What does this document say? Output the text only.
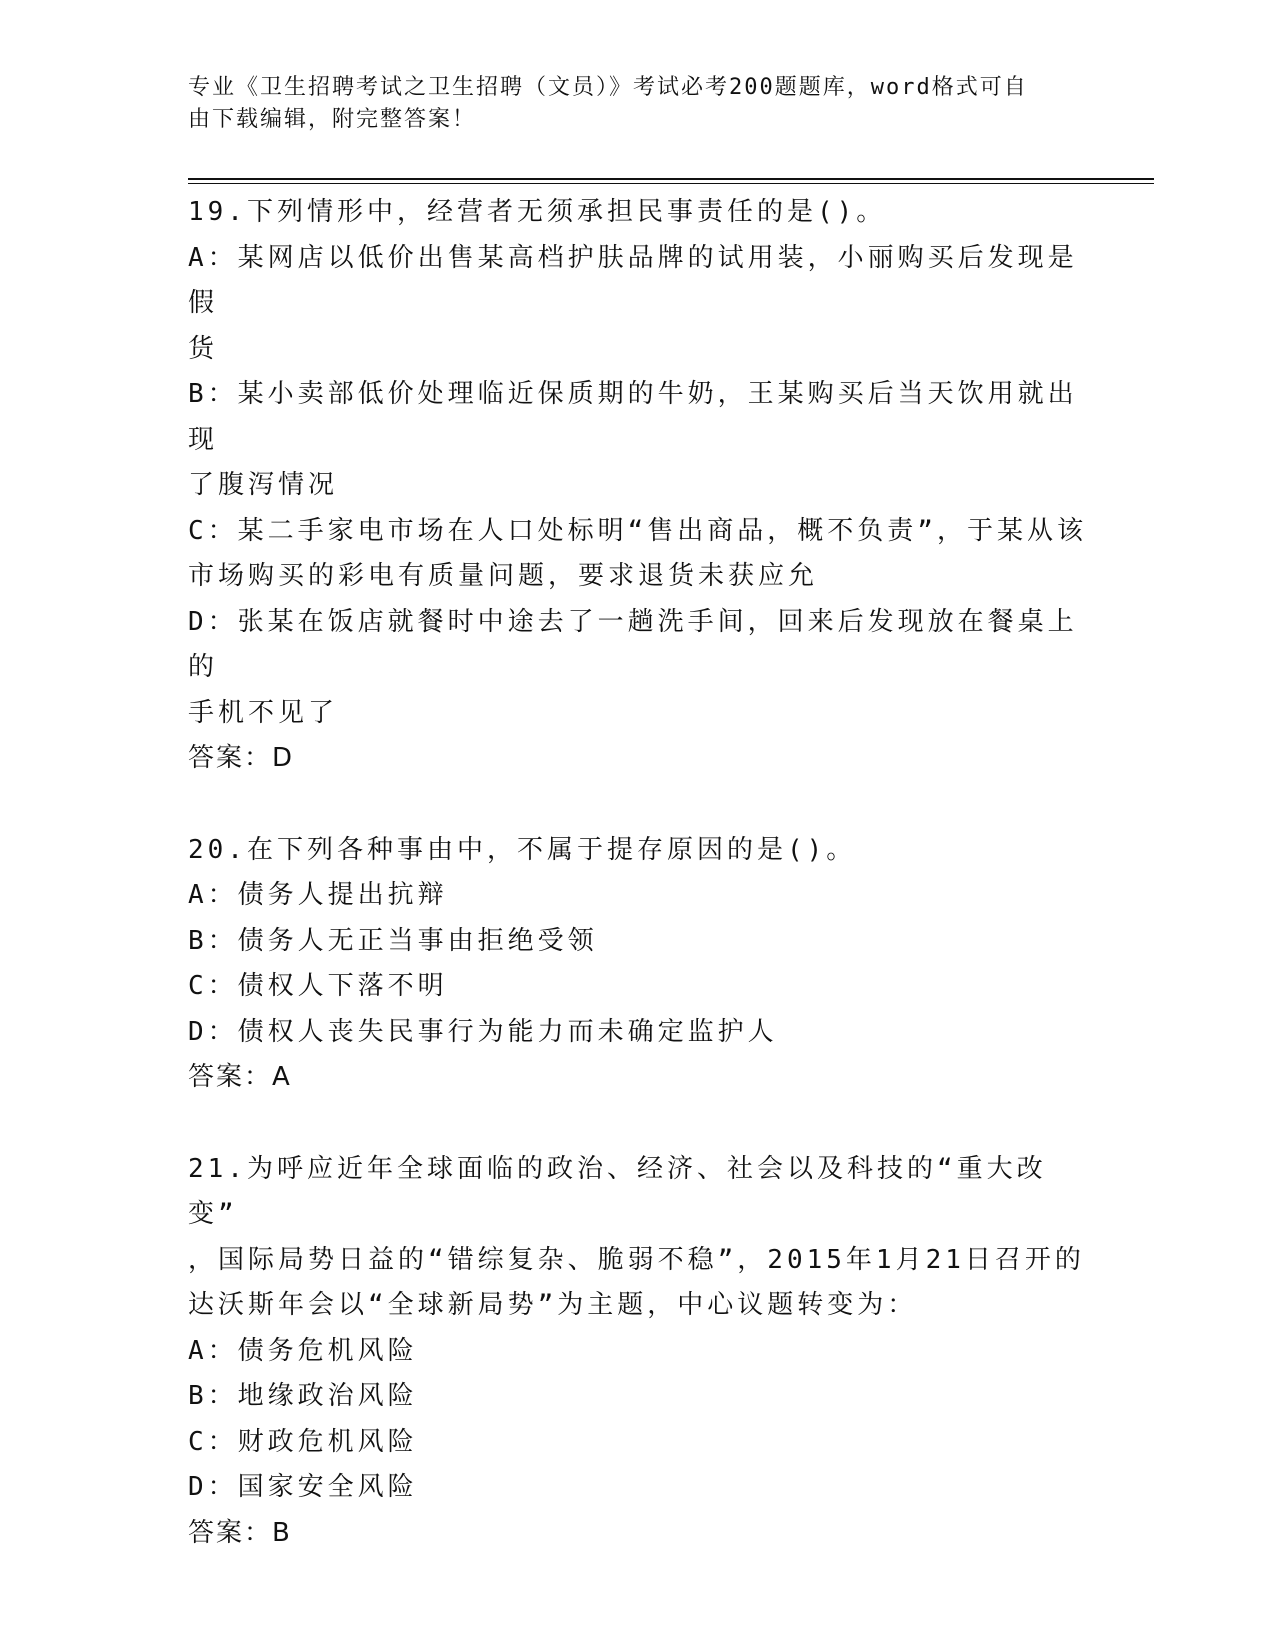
专业《卫生招聘考试之卫生招聘（文员）》考试必考200题题库，word格式可自
由下载编辑，附完整答案！
19.下列情形中，经营者无须承担民事责任的是()。
A：某网店以低价出售某高档护肤品牌的试用装，小丽购买后发现是假
货
B：某小卖部低价处理临近保质期的牛奶，王某购买后当天饮用就出现
了腹泻情况
C：某二手家电市场在人口处标明“售出商品，概不负责”，于某从该
市场购买的彩电有质量问题，要求退货未获应允
D：张某在饭店就餐时中途去了一趟洗手间，回来后发现放在餐桌上的
手机不见了
答案：D
20.在下列各种事由中，不属于提存原因的是()。
A：债务人提出抗辩
B：债务人无正当事由拒绝受领
C：债权人下落不明
D：债权人丧失民事行为能力而未确定监护人
答案：A
21.为呼应近年全球面临的政治、经济、社会以及科技的“重大改变”
，国际局势日益的“错综复杂、脆弱不稳”，2015年1月21日召开的
达沃斯年会以“全球新局势”为主题，中心议题转变为：
A：债务危机风险
B：地缘政治风险
C：财政危机风险
D：国家安全风险
答案：B
